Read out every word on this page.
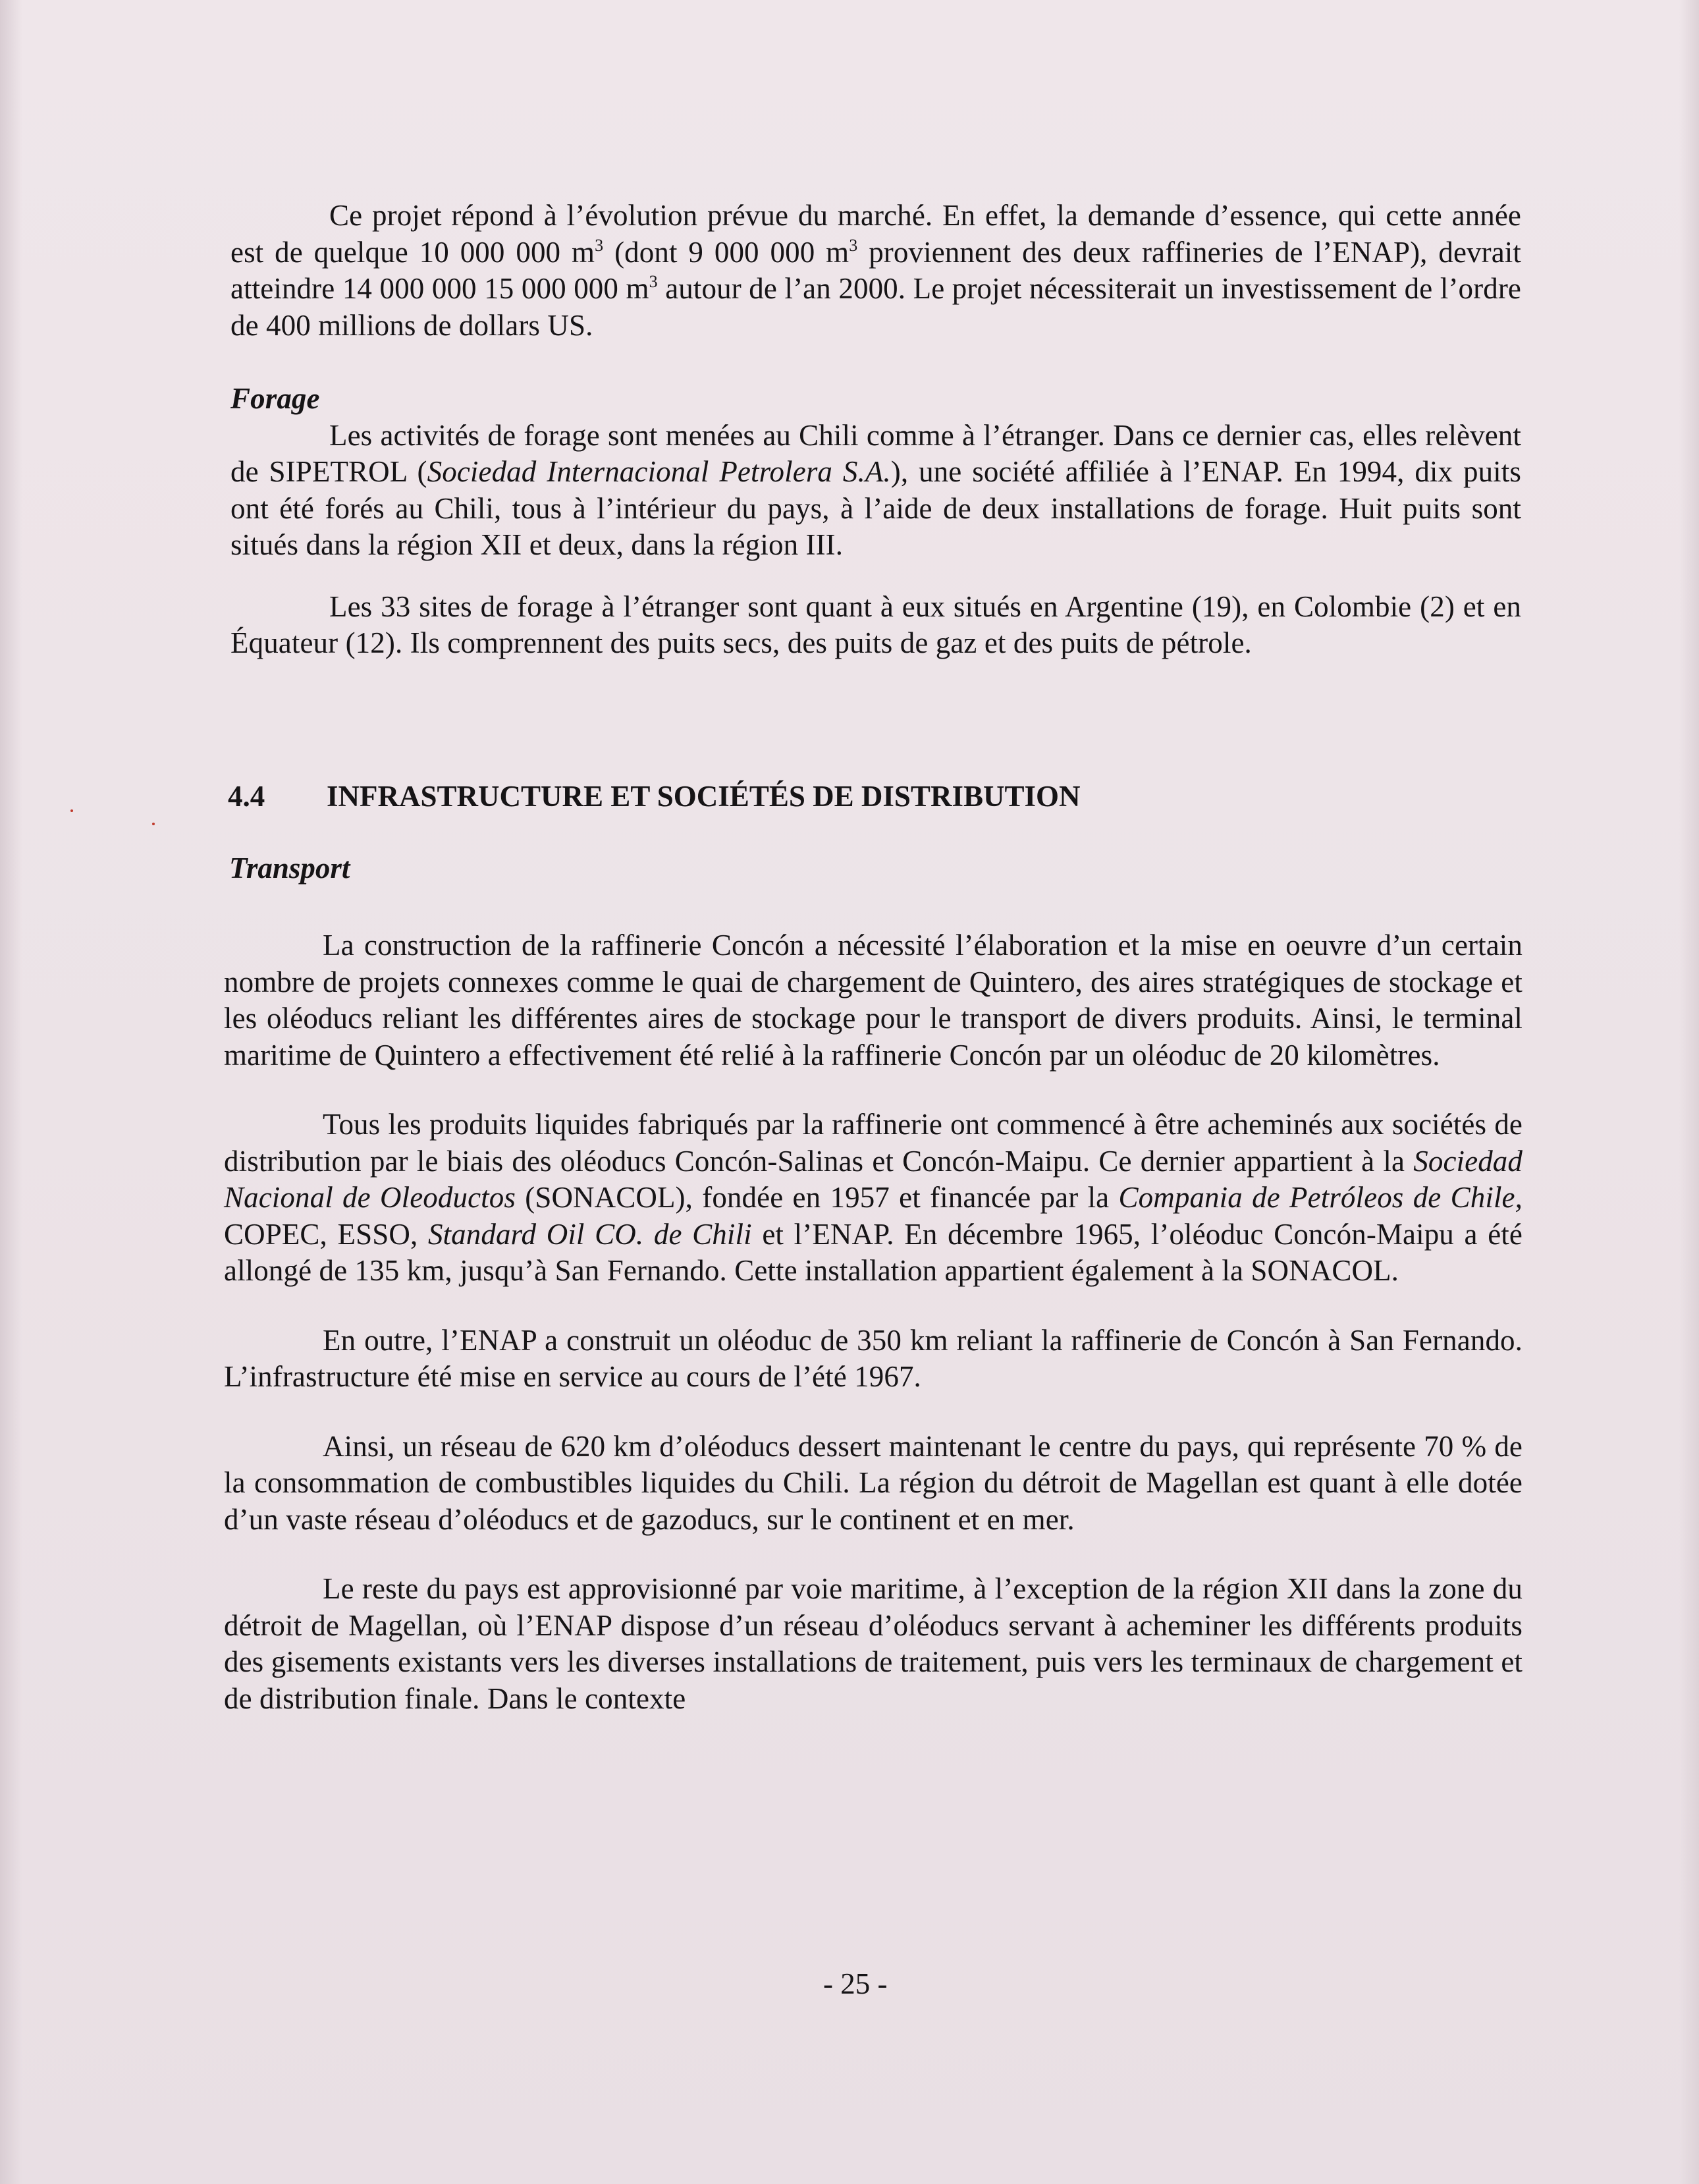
Ce projet répond à l’évolution prévue du marché. En effet, la demande d’essence, qui cette année est de quelque 10 000 000 $m^3$ (dont 9 000 000 $m^3$ proviennent des deux raffineries de l’ENAP), devrait atteindre 14 000 000 15 000 000 $m^3$ autour de l’an 2000. Le projet nécessiterait un investissement de l’ordre de 400 millions de dollars US.

Forage

Les activités de forage sont menées au Chili comme à l’étranger. Dans ce dernier cas, elles relèvent de SIPETROL (Sociedad Internacional Petrolera S.A.), une société affiliée à l’ENAP. En 1994, dix puits ont été forés au Chili, tous à l’intérieur du pays, à l’aide de deux installations de forage. Huit puits sont situés dans la région XII et deux, dans la région III.

Les 33 sites de forage à l’étranger sont quant à eux situés en Argentine (19), en Colombie (2) et en Équateur (12). Ils comprennent des puits secs, des puits de gaz et des puits de pétrole.

4.4 INFRASTRUCTURE ET SOCIÉTÉS DE DISTRIBUTION
Transport

La construction de la raffinerie Concón a nécessité l’élaboration et la mise en oeuvre d’un certain nombre de projets connexes comme le quai de chargement de Quintero, des aires stratégiques de stockage et les oléoducs reliant les différentes aires de stockage pour le transport de divers produits. Ainsi, le terminal maritime de Quintero a effectivement été relié à la raffinerie Concón par un oléoduc de 20 kilomètres.

Tous les produits liquides fabriqués par la raffinerie ont commencé à être acheminés aux sociétés de distribution par le biais des oléoducs Concón-Salinas et Concón-Maipu. Ce dernier appartient à la Sociedad Nacional de Oleoductos (SONACOL), fondée en 1957 et financée par la Compania de Petróleos de Chile, COPEC, ESSO, Standard Oil CO. de Chili et l’ENAP. En décembre 1965, l’oléoduc Concón-Maipu a été allongé de 135 km, jusqu’à San Fernando. Cette installation appartient également à la SONACOL.

En outre, l’ENAP a construit un oléoduc de 350 km reliant la raffinerie de Concón à San Fernando. L’infrastructure été mise en service au cours de l’été 1967.

Ainsi, un réseau de 620 km d’oléoducs dessert maintenant le centre du pays, qui représente 70 % de la consommation de combustibles liquides du Chili. La région du détroit de Magellan est quant à elle dotée d’un vaste réseau d’oléoducs et de gazoducs, sur le continent et en mer.

Le reste du pays est approvisionné par voie maritime, à l’exception de la région XII dans la zone du détroit de Magellan, où l’ENAP dispose d’un réseau d’oléoducs servant à acheminer les différents produits des gisements existants vers les diverses installations de traitement, puis vers les terminaux de chargement et de distribution finale. Dans le contexte

- 25 -
